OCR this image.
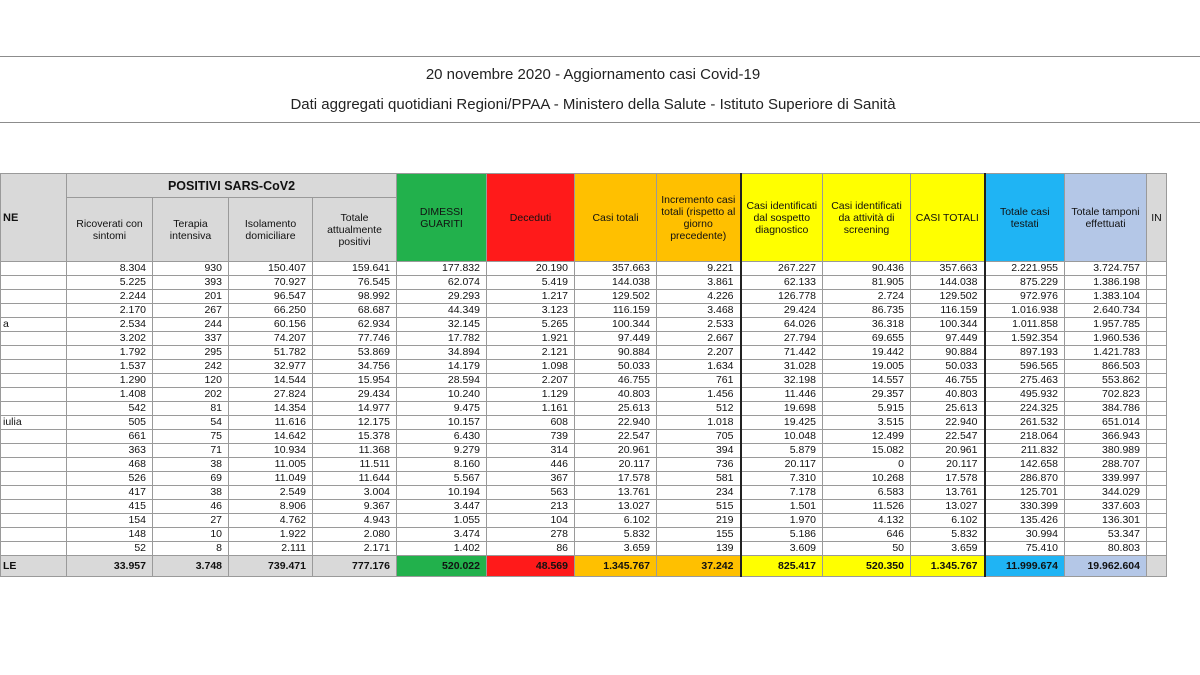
20 novembre 2020 - Aggiornamento casi Covid-19
Dati aggregati quotidiani Regioni/PPAA - Ministero della Salute - Istituto Superiore di Sanità
NE	POSITIVI SARS-CoV2				DIMESSI GUARITI	Deceduti	Casi totali	Incremento casi totali (rispetto al giorno precedente)	Casi identificati dal sospetto diagnostico	Casi identificati da attività di screening	CASI TOTALI	Totale casi testati	Totale tamponi effettuati	IN
	Ricoverati con sintomi	Terapia intensiva	Isolamento domiciliare	Totale attualmente positivi										
	8.304	930	150.407	159.641	177.832	20.190	357.663	9.221	267.227	90.436	357.663	2.221.955	3.724.757	
	5.225	393	70.927	76.545	62.074	5.419	144.038	3.861	62.133	81.905	144.038	875.229	1.386.198	
	2.244	201	96.547	98.992	29.293	1.217	129.502	4.226	126.778	2.724	129.502	972.976	1.383.104	
	2.170	267	66.250	68.687	44.349	3.123	116.159	3.468	29.424	86.735	116.159	1.016.938	2.640.734	
a	2.534	244	60.156	62.934	32.145	5.265	100.344	2.533	64.026	36.318	100.344	1.011.858	1.957.785	
	3.202	337	74.207	77.746	17.782	1.921	97.449	2.667	27.794	69.655	97.449	1.592.354	1.960.536	
	1.792	295	51.782	53.869	34.894	2.121	90.884	2.207	71.442	19.442	90.884	897.193	1.421.783	
	1.537	242	32.977	34.756	14.179	1.098	50.033	1.634	31.028	19.005	50.033	596.565	866.503	
	1.290	120	14.544	15.954	28.594	2.207	46.755	761	32.198	14.557	46.755	275.463	553.862	
	1.408	202	27.824	29.434	10.240	1.129	40.803	1.456	11.446	29.357	40.803	495.932	702.823	
	542	81	14.354	14.977	9.475	1.161	25.613	512	19.698	5.915	25.613	224.325	384.786	
iulia	505	54	11.616	12.175	10.157	608	22.940	1.018	19.425	3.515	22.940	261.532	651.014	
	661	75	14.642	15.378	6.430	739	22.547	705	10.048	12.499	22.547	218.064	366.943	
	363	71	10.934	11.368	9.279	314	20.961	394	5.879	15.082	20.961	211.832	380.989	
	468	38	11.005	11.511	8.160	446	20.117	736	20.117	0	20.117	142.658	288.707	
	526	69	11.049	11.644	5.567	367	17.578	581	7.310	10.268	17.578	286.870	339.997	
	417	38	2.549	3.004	10.194	563	13.761	234	7.178	6.583	13.761	125.701	344.029	
	415	46	8.906	9.367	3.447	213	13.027	515	1.501	11.526	13.027	330.399	337.603	
	154	27	4.762	4.943	1.055	104	6.102	219	1.970	4.132	6.102	135.426	136.301	
	148	10	1.922	2.080	3.474	278	5.832	155	5.186	646	5.832	30.994	53.347	
	52	8	2.111	2.171	1.402	86	3.659	139	3.609	50	3.659	75.410	80.803	
LE	33.957	3.748	739.471	777.176	520.022	48.569	1.345.767	37.242	825.417	520.350	1.345.767	11.999.674	19.962.604	
